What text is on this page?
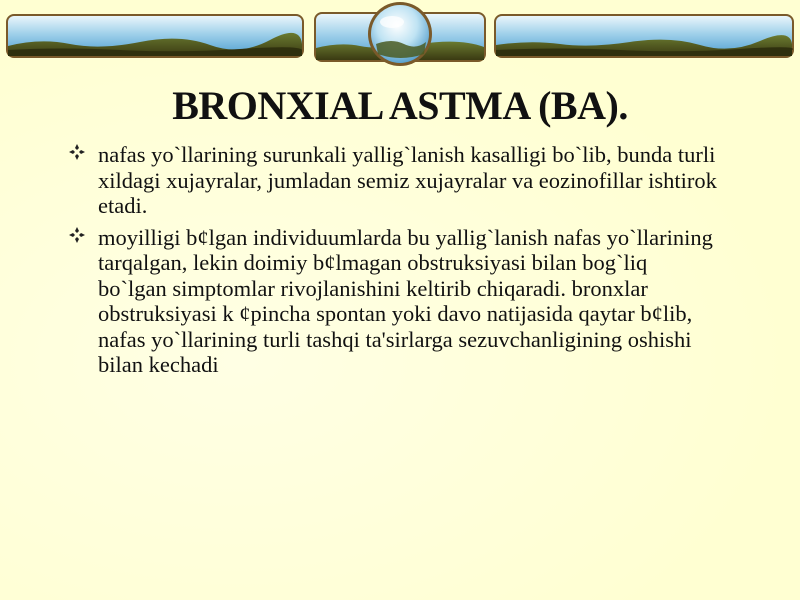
BRONXIAL ASTMA (BA).
nafas yo`llarining surunkali yallig`lanish kasalligi bo`lib, bunda turli xildagi xujayralar, jumladan semiz xujayralar va eozinofillar ishtirok etadi.
moyilligi b¢lgan individuumlarda bu yallig`lanish nafas yo`llarining tarqalgan, lekin doimiy b¢lmagan obstruksiyasi bilan bog`liq bo`lgan simptomlar rivojlanishini keltirib chiqaradi. bronxlar obstruksiyasi k ¢pincha spontan yoki davo natijasida qaytar b¢lib, nafas yo`llarining turli tashqi ta'sirlarga sezuvchanligining oshishi bilan kechadi
